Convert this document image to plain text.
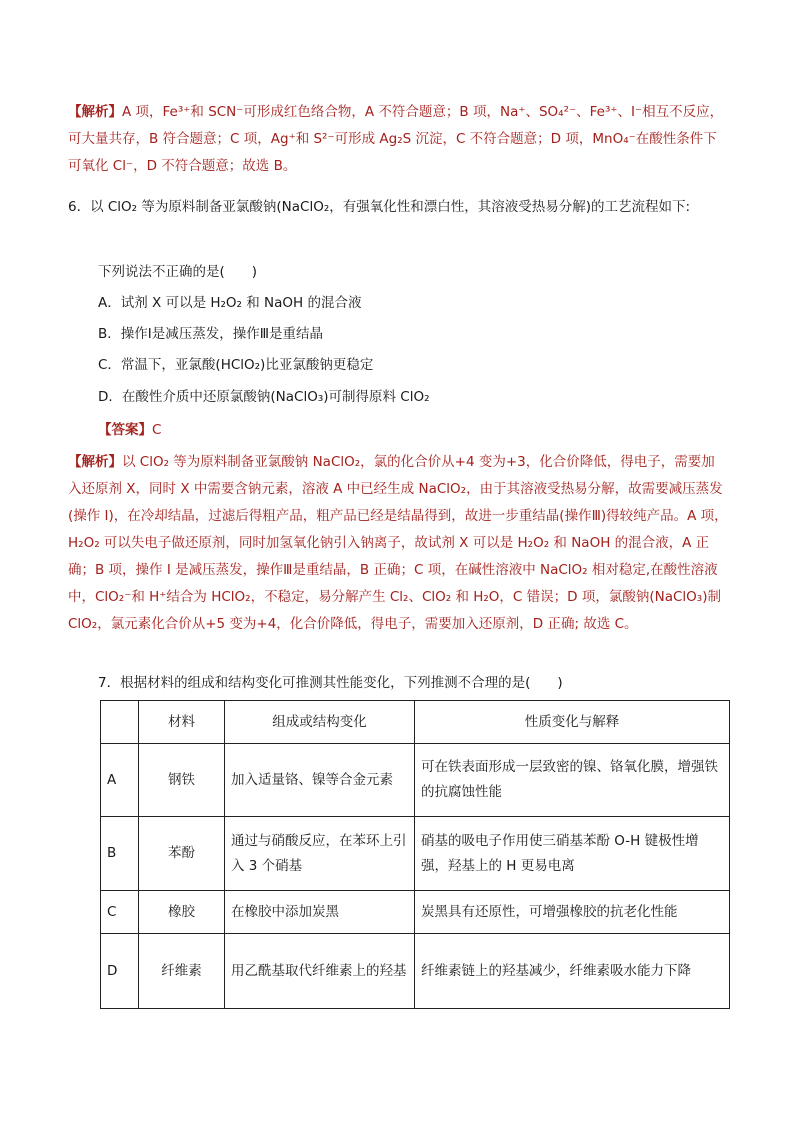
【解析】A 项，Fe³⁺和 SCN⁻可形成红色络合物，A 不符合题意；B 项，Na⁺、SO₄²⁻、Fe³⁺、I⁻相互不反应，可大量共存，B 符合题意；C 项，Ag⁺和 S²⁻可形成 Ag₂S 沉淀，C 不符合题意；D 项，MnO₄⁻在酸性条件下可氧化 Cl⁻，D 不符合题意；故选 B。

6．以 ClO₂ 等为原料制备亚氯酸钠(NaClO₂，有强氧化性和漂白性，其溶液受热易分解)的工艺流程如下:
下列说法不正确的是(　　)
A．试剂 X 可以是 H₂O₂ 和 NaOH 的混合液
B．操作Ⅰ是减压蒸发，操作Ⅲ是重结晶
C．常温下，亚氯酸(HClO₂)比亚氯酸钠更稳定
D．在酸性介质中还原氯酸钠(NaClO₃)可制得原料 ClO₂
【答案】C

【解析】以 ClO₂ 等为原料制备亚氯酸钠 NaClO₂，氯的化合价从+4 变为+3，化合价降低，得电子，需要加入还原剂 X，同时 X 中需要含钠元素，溶液 A 中已经生成 NaClO₂，由于其溶液受热易分解，故需要减压蒸发(操作 I)，在冷却结晶，过滤后得粗产品，粗产品已经是结晶得到，故进一步重结晶(操作Ⅲ)得较纯产品。A 项，H₂O₂ 可以失电子做还原剂，同时加氢氧化钠引入钠离子，故试剂 X 可以是 H₂O₂ 和 NaOH 的混合液，A 正确；B 项，操作 I 是减压蒸发，操作Ⅲ是重结晶，B 正确；C 项，在碱性溶液中 NaClO₂ 相对稳定,在酸性溶液中，ClO₂⁻和 H⁺结合为 HClO₂，不稳定，易分解产生 Cl₂、ClO₂ 和 H₂O，C 错误；D 项，氯酸钠(NaClO₃)制 ClO₂，氯元素化合价从+5 变为+4，化合价降低，得电子，需要加入还原剂，D 正确; 故选 C。

7．根据材料的组成和结构变化可推测其性能变化，下列推测不合理的是(　　)
	材料	组成或结构变化	性质变化与解释
A	钢铁	加入适量铬、镍等合金元素	可在铁表面形成一层致密的镍、铬氧化膜，增强铁的抗腐蚀性能
B	苯酚	通过与硝酸反应，在苯环上引入 3 个硝基	硝基的吸电子作用使三硝基苯酚 O-H 键极性增强，羟基上的 H 更易电离
C	橡胶	在橡胶中添加炭黑	炭黑具有还原性，可增强橡胶的抗老化性能
D	纤维素	用乙酰基取代纤维素上的羟基	纤维素链上的羟基减少，纤维素吸水能力下降
